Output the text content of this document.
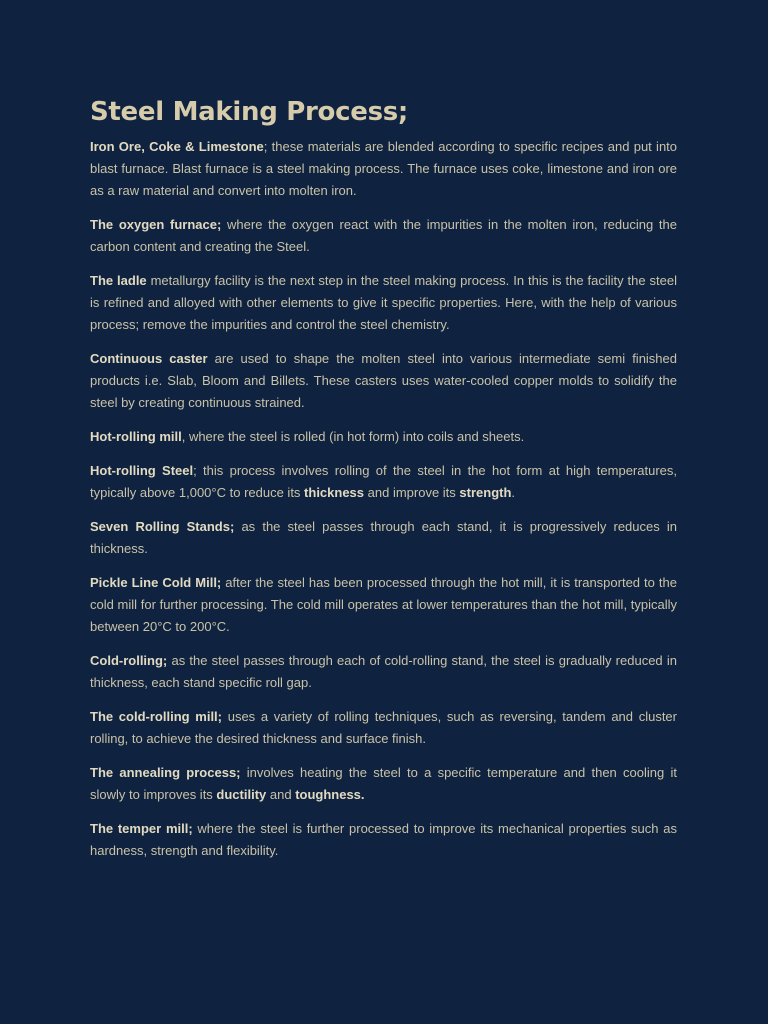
Steel Making Process;

Iron Ore, Coke & Limestone; these materials are blended according to specific recipes and put into blast furnace. Blast furnace is a steel making process. The furnace uses coke, limestone and iron ore as a raw material and convert into molten iron.

The oxygen furnace; where the oxygen react with the impurities in the molten iron, reducing the carbon content and creating the Steel.

The ladle metallurgy facility is the next step in the steel making process. In this is the facility the steel is refined and alloyed with other elements to give it specific properties. Here, with the help of various process; remove the impurities and control the steel chemistry.

Continuous caster are used to shape the molten steel into various intermediate semi finished products i.e. Slab, Bloom and Billets. These casters uses water-cooled copper molds to solidify the steel by creating continuous strained.

Hot-rolling mill, where the steel is rolled (in hot form) into coils and sheets.

Hot-rolling Steel; this process involves rolling of the steel in the hot form at high temperatures, typically above 1,000°C to reduce its thickness and improve its strength.

Seven Rolling Stands; as the steel passes through each stand, it is progressively reduces in thickness.

Pickle Line Cold Mill; after the steel has been processed through the hot mill, it is transported to the cold mill for further processing. The cold mill operates at lower temperatures than the hot mill, typically between 20°C to 200°C.

Cold-rolling; as the steel passes through each of cold-rolling stand, the steel is gradually reduced in thickness, each stand specific roll gap.

The cold-rolling mill; uses a variety of rolling techniques, such as reversing, tandem and cluster rolling, to achieve the desired thickness and surface finish.

The annealing process; involves heating the steel to a specific temperature and then cooling it slowly to improves its ductility and toughness.

The temper mill; where the steel is further processed to improve its mechanical properties such as hardness, strength and flexibility.
